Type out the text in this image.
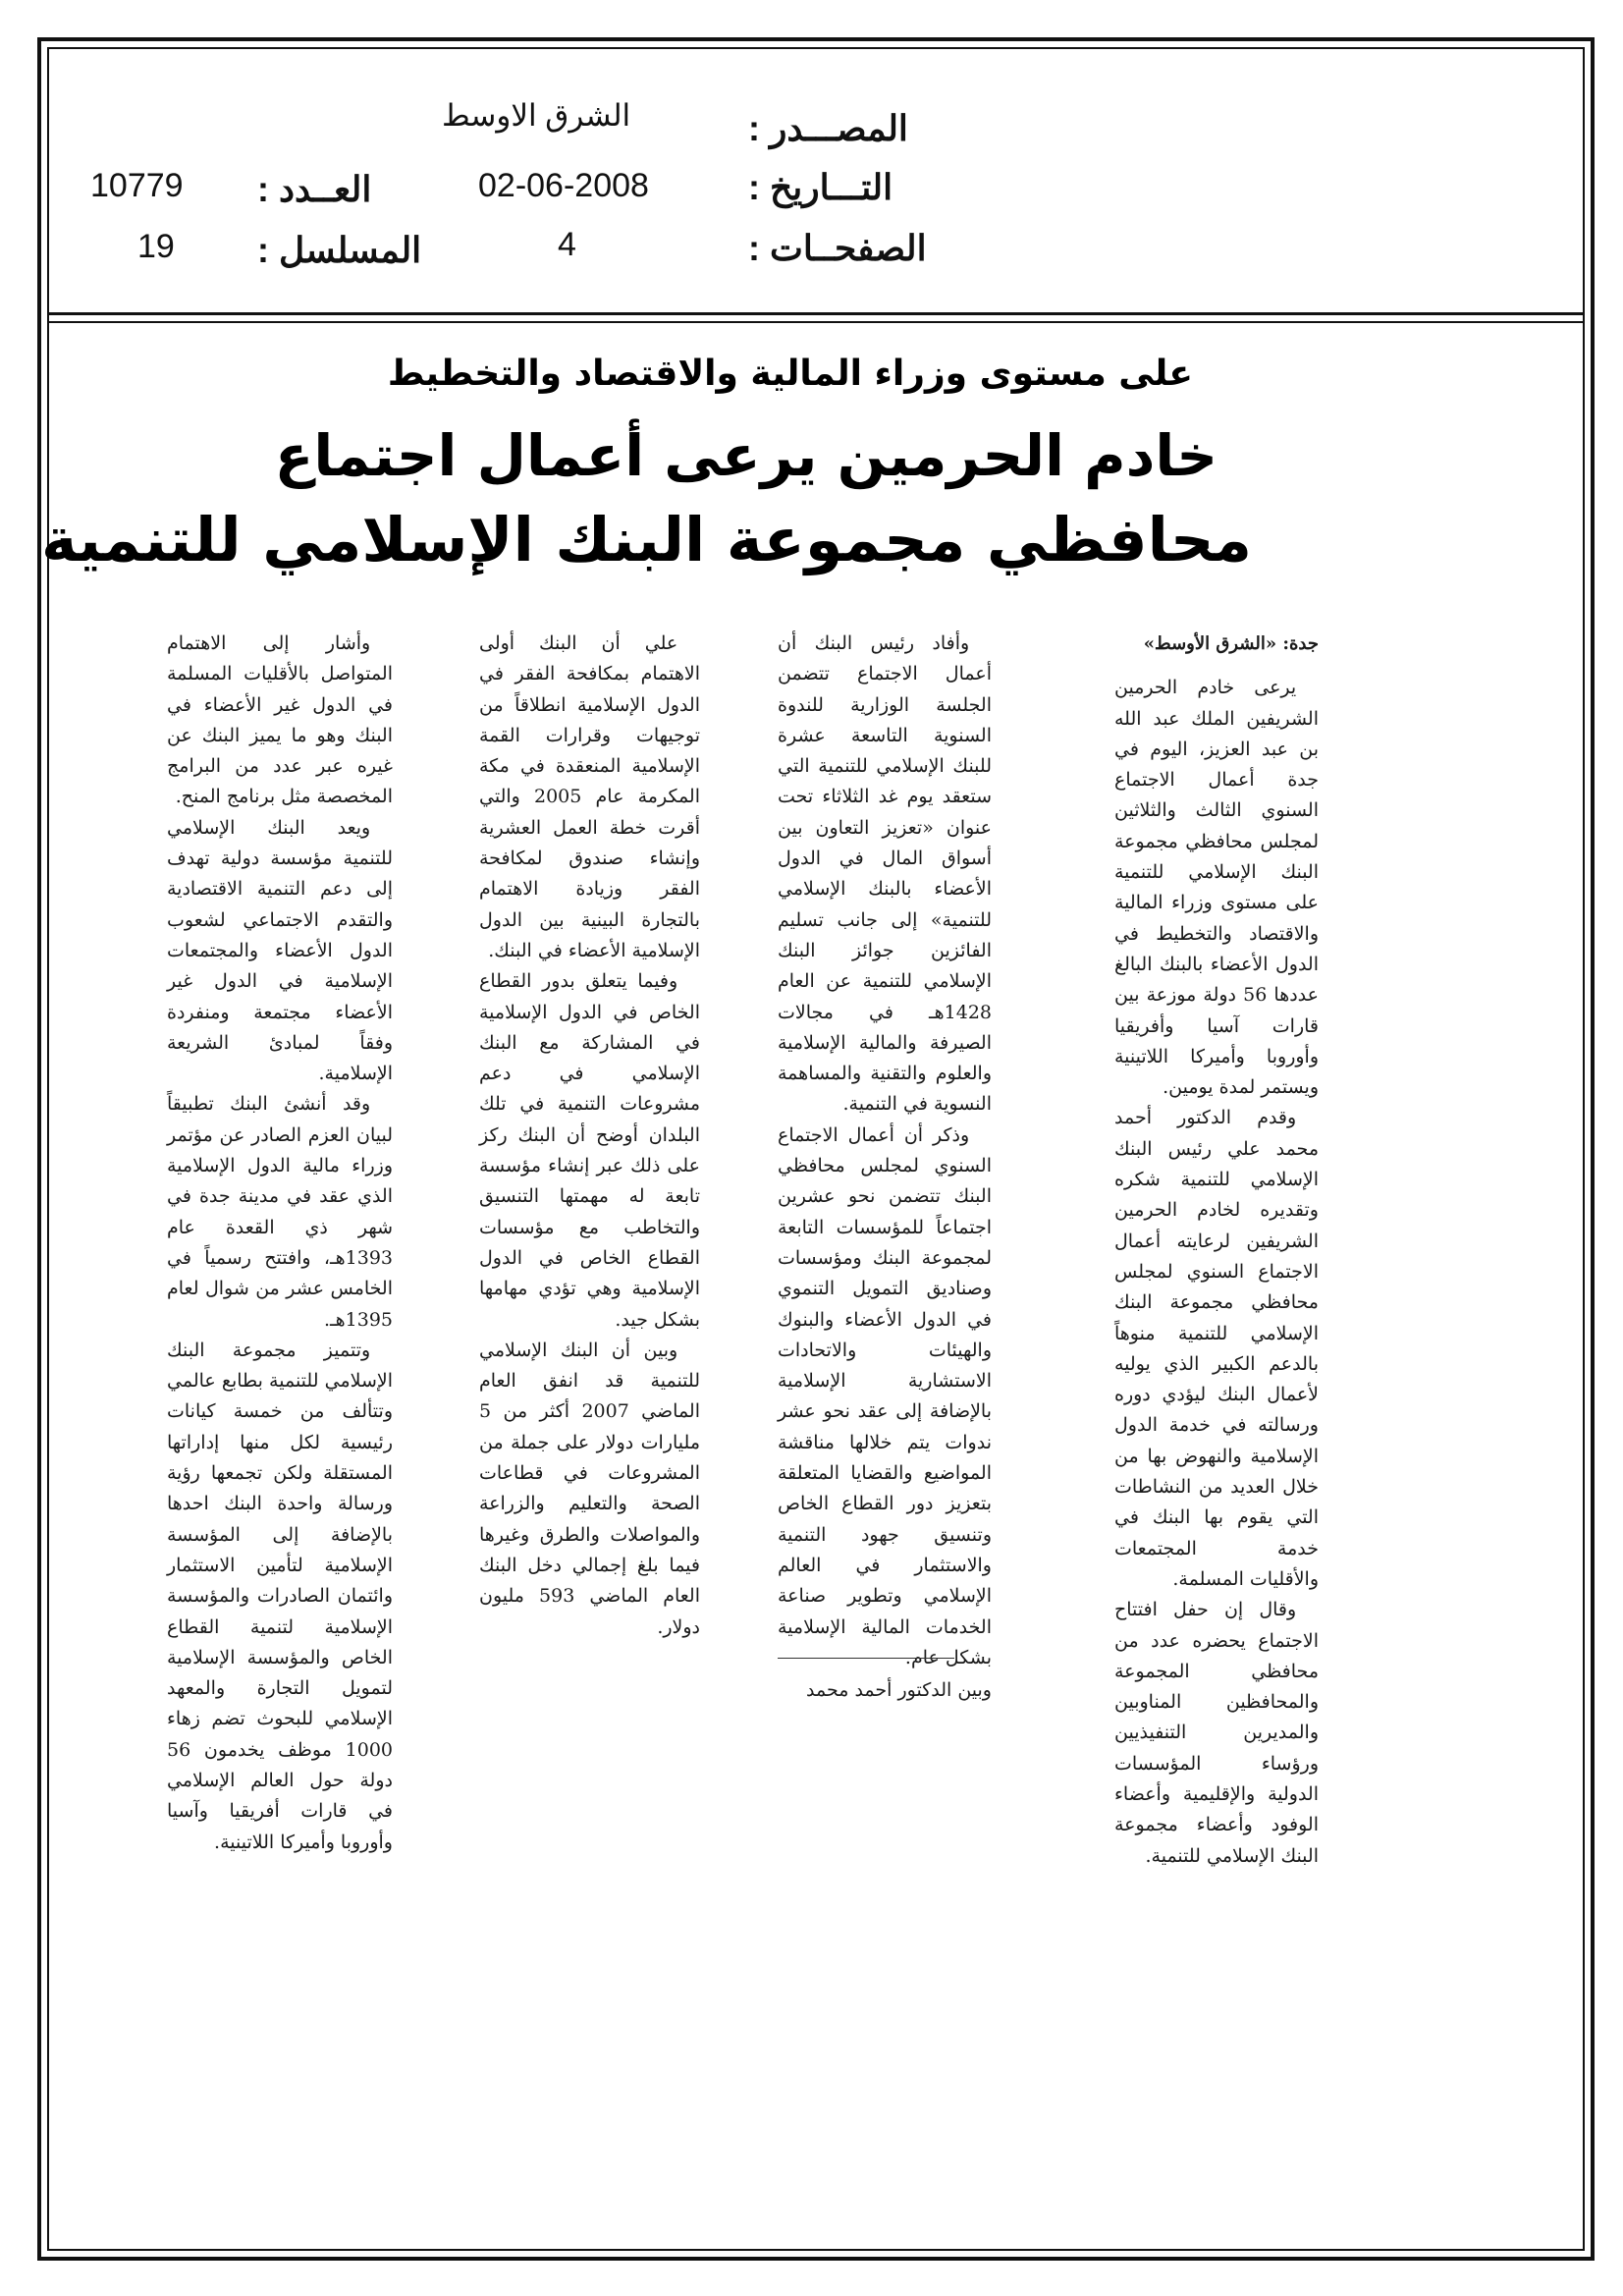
المصـــدر :
الشرق الاوسط
التـــاريخ :
02-06-2008
العــدد :
10779
الصفحــات :
4
المسلسل :
19
على مستوى وزراء المالية والاقتصاد والتخطيط
خادم الحرمين يرعى أعمال اجتماع
محافظي مجموعة البنك الإسلامي للتنمية
جدة: «الشرق الأوسط»

يرعى خادم الحرمين الشريفين الملك عبد الله بن عبد العزيز، اليوم في جدة أعمال الاجتماع السنوي الثالث والثلاثين لمجلس محافظي مجموعة البنك الإسلامي للتنمية على مستوى وزراء المالية والاقتصاد والتخطيط في الدول الأعضاء بالبنك البالغ عددها 56 دولة موزعة بين قارات آسيا وأفريقيا وأوروبا وأميركا اللاتينية ويستمر لمدة يومين.

وقدم الدكتور أحمد محمد علي رئيس البنك الإسلامي للتنمية شكره وتقديره لخادم الحرمين الشريفين لرعايته أعمال الاجتماع السنوي لمجلس محافظي مجموعة البنك الإسلامي للتنمية منوهاً بالدعم الكبير الذي يوليه لأعمال البنك ليؤدي دوره ورسالته في خدمة الدول الإسلامية والنهوض بها من خلال العديد من النشاطات التي يقوم بها البنك في خدمة المجتمعات والأقليات المسلمة.

وقال إن حفل افتتاح الاجتماع يحضره عدد من محافظي المجموعة والمحافظين المناوبين والمديرين التنفيذيين ورؤساء المؤسسات الدولية والإقليمية وأعضاء الوفود وأعضاء مجموعة البنك الإسلامي للتنمية.

وأفاد رئيس البنك أن أعمال الاجتماع تتضمن الجلسة الوزارية للندوة السنوية التاسعة عشرة للبنك الإسلامي للتنمية التي ستعقد يوم غد الثلاثاء تحت عنوان «تعزيز التعاون بين أسواق المال في الدول الأعضاء بالبنك الإسلامي للتنمية» إلى جانب تسليم الفائزين جوائز البنك الإسلامي للتنمية عن العام 1428هـ في مجالات الصيرفة والمالية الإسلامية والعلوم والتقنية والمساهمة النسوية في التنمية.

وذكر أن أعمال الاجتماع السنوي لمجلس محافظي البنك تتضمن نحو عشرين اجتماعاً للمؤسسات التابعة لمجموعة البنك ومؤسسات وصناديق التمويل التنموي في الدول الأعضاء والبنوك والهيئات والاتحادات الاستشارية الإسلامية بالإضافة إلى عقد نحو عشر ندوات يتم خلالها مناقشة المواضيع والقضايا المتعلقة بتعزيز دور القطاع الخاص وتنسيق جهود التنمية والاستثمار في العالم الإسلامي وتطوير صناعة الخدمات المالية الإسلامية بشكل عام.

وبين الدكتور أحمد محمد

علي أن البنك أولى الاهتمام بمكافحة الفقر في الدول الإسلامية انطلاقاً من توجيهات وقرارات القمة الإسلامية المنعقدة في مكة المكرمة عام 2005 والتي أقرت خطة العمل العشرية وإنشاء صندوق لمكافحة الفقر وزيادة الاهتمام بالتجارة البينية بين الدول الإسلامية الأعضاء في البنك.

وفيما يتعلق بدور القطاع الخاص في الدول الإسلامية في المشاركة مع البنك الإسلامي في دعم مشروعات التنمية في تلك البلدان أوضح أن البنك ركز على ذلك عبر إنشاء مؤسسة تابعة له مهمتها التنسيق والتخاطب مع مؤسسات القطاع الخاص في الدول الإسلامية وهي تؤدي مهامها بشكل جيد.

وبين أن البنك الإسلامي للتنمية قد انفق العام الماضي 2007 أكثر من 5 مليارات دولار على جملة من المشروعات في قطاعات الصحة والتعليم والزراعة والمواصلات والطرق وغيرها فيما بلغ إجمالي دخل البنك العام الماضي 593 مليون دولار.

وأشار إلى الاهتمام المتواصل بالأقليات المسلمة في الدول غير الأعضاء في البنك وهو ما يميز البنك عن غيره عبر عدد من البرامج المخصصة مثل برنامج المنح.

ويعد البنك الإسلامي للتنمية مؤسسة دولية تهدف إلى دعم التنمية الاقتصادية والتقدم الاجتماعي لشعوب الدول الأعضاء والمجتمعات الإسلامية في الدول غير الأعضاء مجتمعة ومنفردة وفقاً لمبادئ الشريعة الإسلامية.

وقد أنشئ البنك تطبيقاً لبيان العزم الصادر عن مؤتمر وزراء مالية الدول الإسلامية الذي عقد في مدينة جدة في شهر ذي القعدة عام 1393هـ، وافتتح رسمياً في الخامس عشر من شوال لعام 1395هـ.

وتتميز مجموعة البنك الإسلامي للتنمية بطابع عالمي وتتألف من خمسة كيانات رئيسية لكل منها إداراتها المستقلة ولكن تجمعها رؤية ورسالة واحدة البنك احدها بالإضافة إلى المؤسسة الإسلامية لتأمين الاستثمار وائتمان الصادرات والمؤسسة الإسلامية لتنمية القطاع الخاص والمؤسسة الإسلامية لتمويل التجارة والمعهد الإسلامي للبحوث تضم زهاء 1000 موظف يخدمون 56 دولة حول العالم الإسلامي في قارات أفريقيا وآسيا وأوروبا وأميركا اللاتينية.
